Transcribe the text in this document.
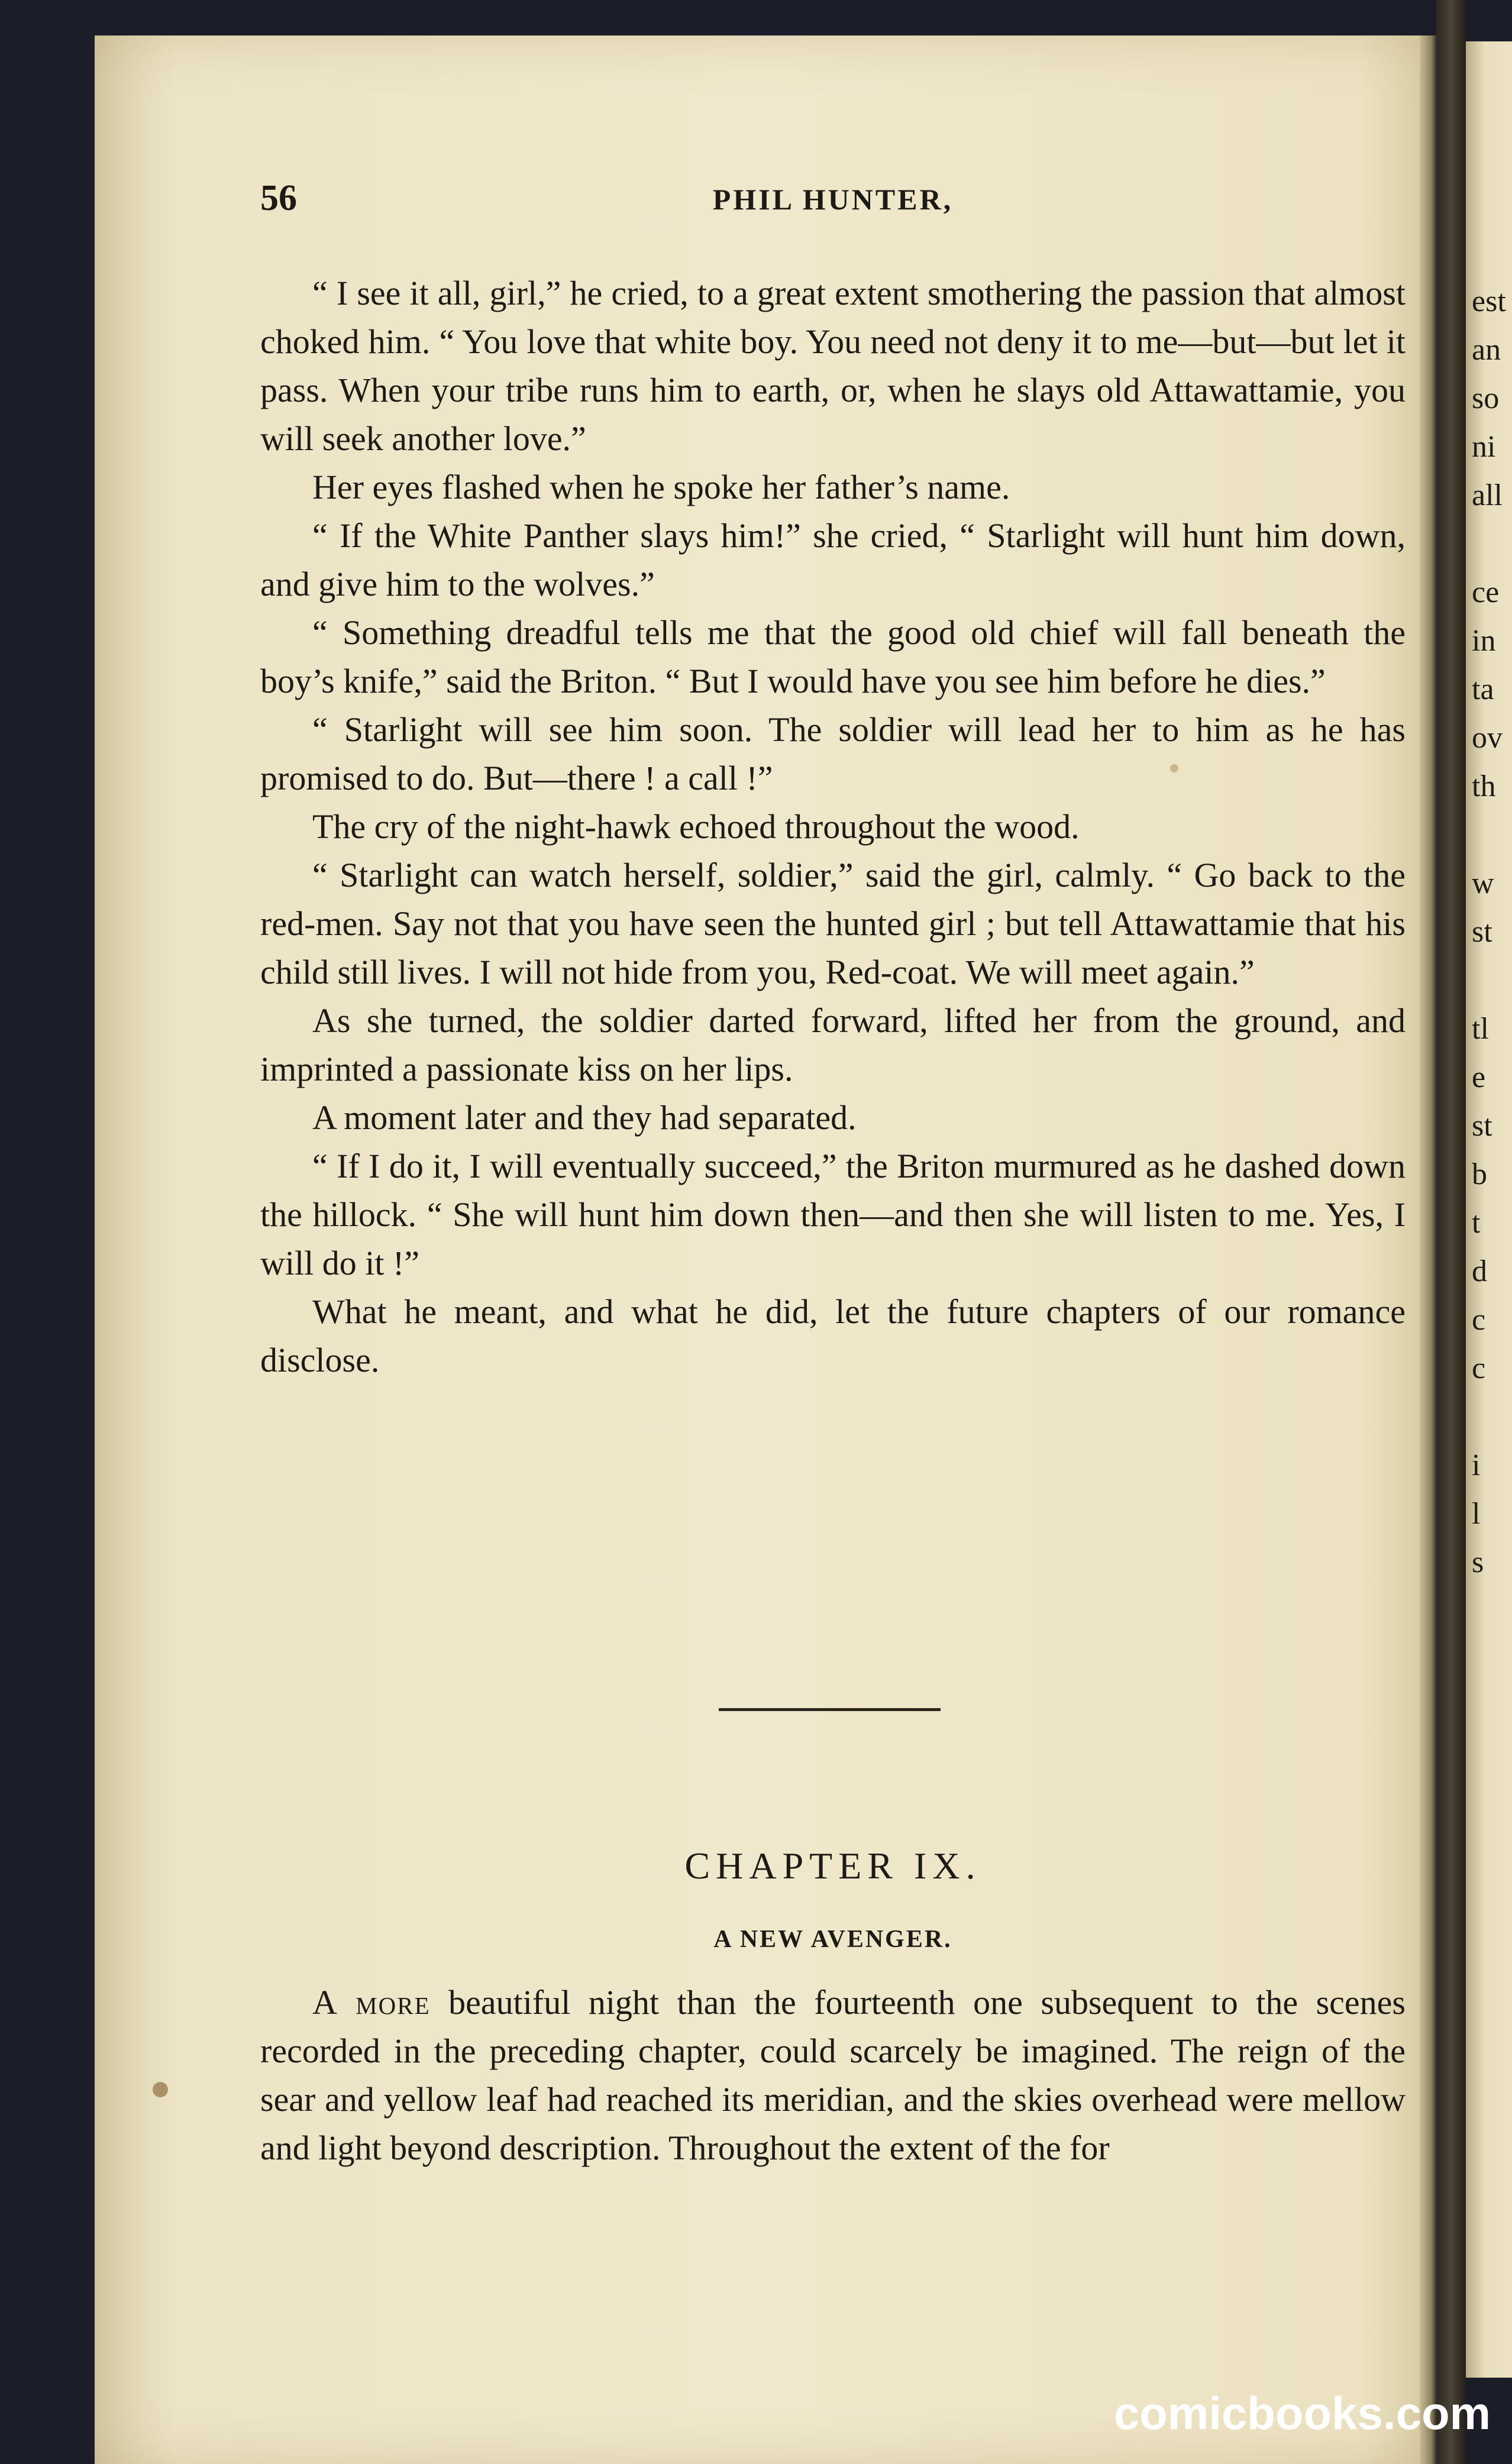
est
an
so
ni
all
ce
in
ta
ov
th
w
st
tl
e
st
b
t
d
c
c
i
l
s
56	PHIL HUNTER,

“ I see it all, girl,” he cried, to a great extent smothering the passion that almost choked him. “ You love that white boy. You need not deny it to me—but—but let it pass. When your tribe runs him to earth, or, when he slays old Attawattamie, you will seek another love.”

Her eyes flashed when he spoke her father’s name.

“ If the White Panther slays him!” she cried, “ Starlight will hunt him down, and give him to the wolves.”

“ Something dreadful tells me that the good old chief will fall beneath the boy’s knife,” said the Briton. “ But I would have you see him before he dies.”

“ Starlight will see him soon. The soldier will lead her to him as he has promised to do. But—there ! a call !”

The cry of the night-hawk echoed throughout the wood.

“ Starlight can watch herself, soldier,” said the girl, calmly. “ Go back to the red-men. Say not that you have seen the hunted girl ; but tell Attawattamie that his child still lives. I will not hide from you, Red-coat. We will meet again.”

As she turned, the soldier darted forward, lifted her from the ground, and imprinted a passionate kiss on her lips.

A moment later and they had separated.

“ If I do it, I will eventually succeed,” the Briton murmured as he dashed down the hillock. “ She will hunt him down then—and then she will listen to me. Yes, I will do it !”

What he meant, and what he did, let the future chapters of our romance disclose.

CHAPTER IX.
A NEW AVENGER.

A more beautiful night than the fourteenth one subsequent to the scenes recorded in the preceding chapter, could scarcely be imagined. The reign of the sear and yellow leaf had reached its meridian, and the skies overhead were mellow and light beyond description. Throughout the extent of the for

comicbooks.com
